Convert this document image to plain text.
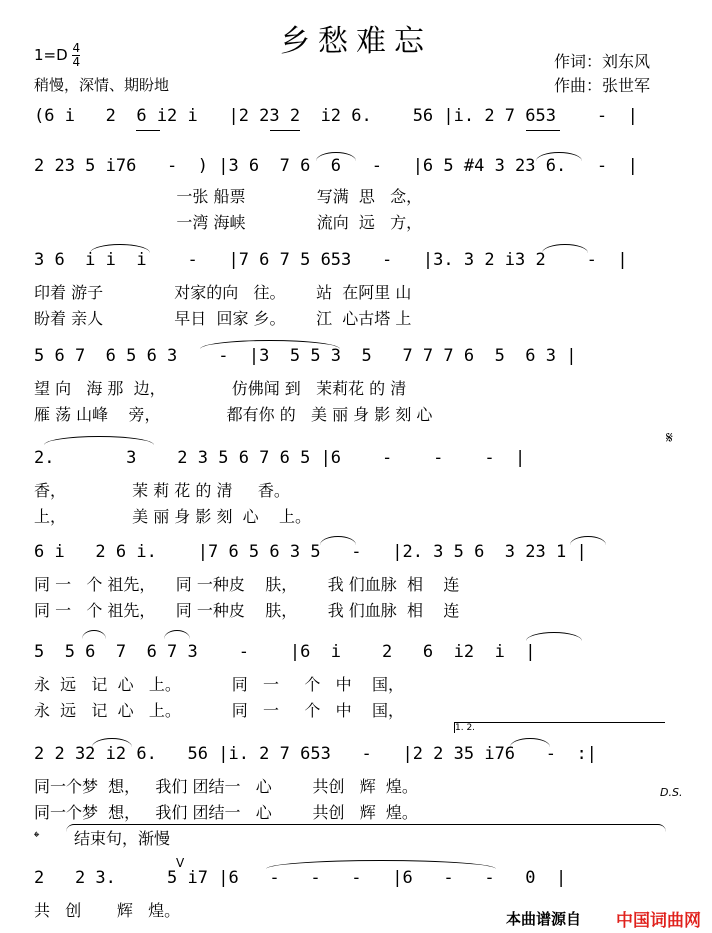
乡愁难忘
$1=D \frac{4}{4}$
稍慢，深情、期盼地
作词：刘东风
作曲：张世军
(6 i   2  6 i2 i   |2 23 2  i2 6.    56 |i. 2 7 653    -  |
2 23 5 i76   -  ) |3 6  7 6  6   -   |6 5 #4 3 23 6.   -  |
一张 船票              写满  思   念，
一湾 海峡              流向  远   方，
3 6  i i  i    -   |7 6 7 5 653   -   |3. 3 2 i3 2    -  |
印着 游子              对家的向   往。      站  在阿里 山
盼着 亲人              早日  回家 乡。      江  心古塔 上
5 6 7  6 5 6 3    -  |3  5 5 3  5   7 7 7 6  5  6 3 |
望 向   海 那  边，             仿佛闻 到   茉莉花 的 清
雁 荡 山峰    旁，             都有你 的   美 丽 身 影 刻 心
𝄋
2.       3    2 3 5 6 7 6 5 |6    -    -    -  |
香，             茉 莉 花 的 清     香。
上，             美 丽 身 影 刻  心    上。
6 i   2 6 i.    |7 6 5 6 3 5   -   |2. 3 5 6  3 23 1 |
同 一   个 祖先，    同 一种皮    肤，      我 们血脉  相    连
同 一   个 祖先，    同 一种皮    肤，      我 们血脉  相    连
5  5 6  7  6 7 3    -    |6  i    2   6  i2  i  |
永  远   记  心   上。          同   一     个   中    国，
永  远   记  心   上。          同   一     个   中    国，
1. 2.
2 2 32 i2 6.   56 |i. 2 7 653   -   |2 2 35 i76   -  :|
同一个梦  想，   我们 团结一   心        共创   辉  煌。
同一个梦  想，   我们 团结一   心        共创   辉  煌。
D.S.
𝄌 结束句，渐慢
V
2   2 3.     5 i7 |6   -   -   -   |6   -   -   0  |
共   创       辉   煌。	本曲谱源自 中国词曲网
